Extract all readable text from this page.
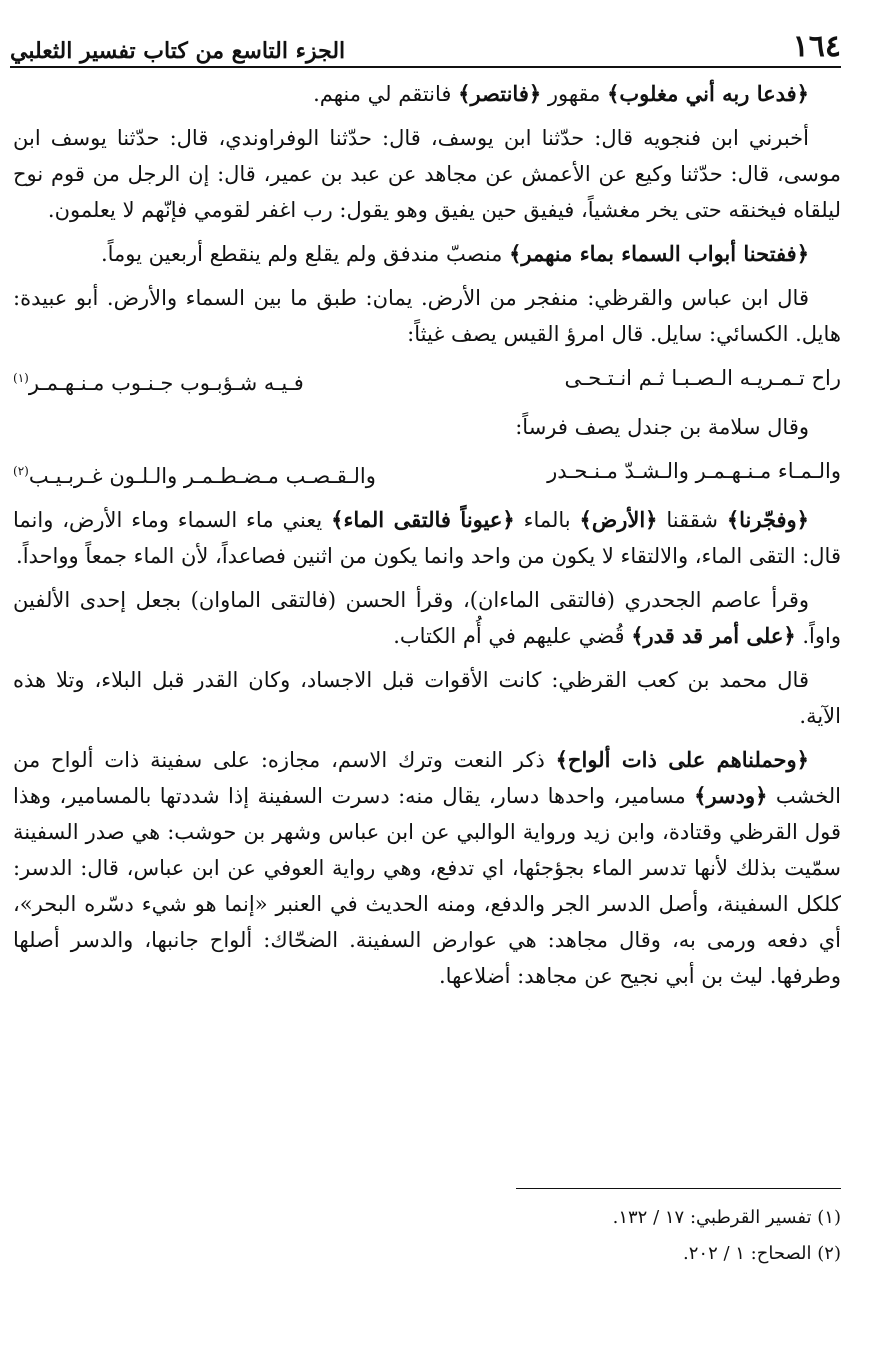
١٦٤
الجزء التاسع من كتاب تفسير الثعلبي

﴿فدعا ربه أني مغلوب﴾ مقهور ﴿فانتصر﴾ فانتقم لي منهم.

أخبرني ابن فنجويه قال: حدّثنا ابن يوسف، قال: حدّثنا الوفراوندي، قال: حدّثنا يوسف ابن موسى، قال: حدّثنا وكيع عن الأعمش عن مجاهد عن عبد بن عمير، قال: إن الرجل من قوم نوح ليلقاه فيخنقه حتى يخر مغشياً، فيفيق حين يفيق وهو يقول: رب اغفر لقومي فإنّهم لا يعلمون.

﴿ففتحنا أبواب السماء بماء منهمر﴾ منصبّ مندفق ولم يقلع ولم ينقطع أربعين يوماً.

قال ابن عباس والقرظي: منفجر من الأرض. يمان: طبق ما بين السماء والأرض. أبو عبيدة: هايل. الكسائي: سايل. قال امرؤ القيس يصف غيثاً:

راح تـمـريـه الـصـبـا ثـم انـتـحـى
فـيـه شـؤبـوب جـنـوب مـنـهـمـر$^{(١)}$

وقال سلامة بن جندل يصف فرساً:

والـمـاء مـنـهـمـر والـشـدّ مـنـحـدر
والـقـصـب مـضـطـمـر والـلـون غـربـيـب$^{(٢)}$

﴿وفجّرنا﴾ شققنا ﴿الأرض﴾ بالماء ﴿عيوناً فالتقى الماء﴾ يعني ماء السماء وماء الأرض، وانما قال: التقى الماء، والالتقاء لا يكون من واحد وانما يكون من اثنين فصاعداً، لأن الماء جمعاً وواحداً.

وقرأ عاصم الجحدري (فالتقى الماءان)، وقرأ الحسن (فالتقى الماوان) بجعل إحدى الألفين واواً. ﴿على أمر قد قدر﴾ قُضي عليهم في أُم الكتاب.

قال محمد بن كعب القرظي: كانت الأقوات قبل الاجساد، وكان القدر قبل البلاء، وتلا هذه الآية.

﴿وحملناهم على ذات ألواح﴾ ذكر النعت وترك الاسم، مجازه: على سفينة ذات ألواح من الخشب ﴿ودسر﴾ مسامير، واحدها دسار، يقال منه: دسرت السفينة إذا شددتها بالمسامير، وهذا قول القرظي وقتادة، وابن زيد ورواية الوالبي عن ابن عباس وشهر بن حوشب: هي صدر السفينة سمّيت بذلك لأنها تدسر الماء بجؤجئها، اي تدفع، وهي رواية العوفي عن ابن عباس، قال: الدسر: كلكل السفينة، وأصل الدسر الجر والدفع، ومنه الحديث في العنبر «إنما هو شيء دسّره البحر»، أي دفعه ورمى به، وقال مجاهد: هي عوارض السفينة. الضحّاك: ألواح جانبها، والدسر أصلها وطرفها. ليث بن أبي نجيح عن مجاهد: أضلاعها.

(١) تفسير القرطبي: ١٧ / ١٣٢.

(٢) الصحاح: ١ / ٢٠٢.
